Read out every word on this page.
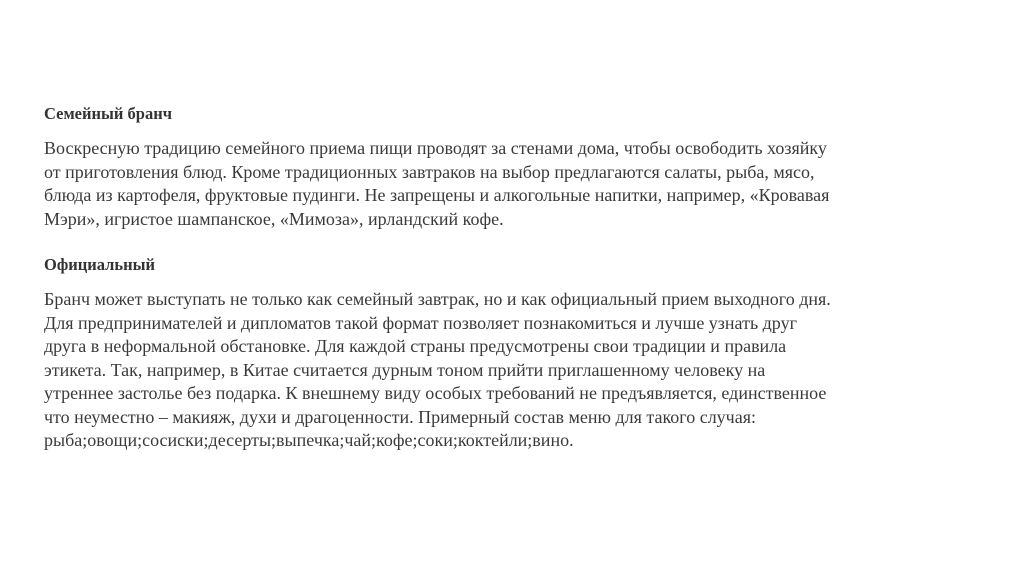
Семейный бранч
Воскресную традицию семейного приема пищи проводят за стенами дома, чтобы освободить хозяйку
от приготовления блюд. Кроме традиционных завтраков на выбор предлагаются салаты, рыба, мясо,
блюда из картофеля, фруктовые пудинги. Не запрещены и алкогольные напитки, например, «Кровавая
Мэри», игристое шампанское, «Мимоза», ирландский кофе.
Официальный
Бранч может выступать не только как семейный завтрак, но и как официальный прием выходного дня.
Для предпринимателей и дипломатов такой формат позволяет познакомиться и лучше узнать друг
друга в неформальной обстановке. Для каждой страны предусмотрены свои традиции и правила
этикета. Так, например, в Китае считается дурным тоном прийти приглашенному человеку на
утреннее застолье без подарка. К внешнему виду особых требований не предъявляется, единственное
что неуместно – макияж, духи и драгоценности. Примерный состав меню для такого случая:
рыба;овощи;сосиски;десерты;выпечка;чай;кофе;соки;коктейли;вино.
